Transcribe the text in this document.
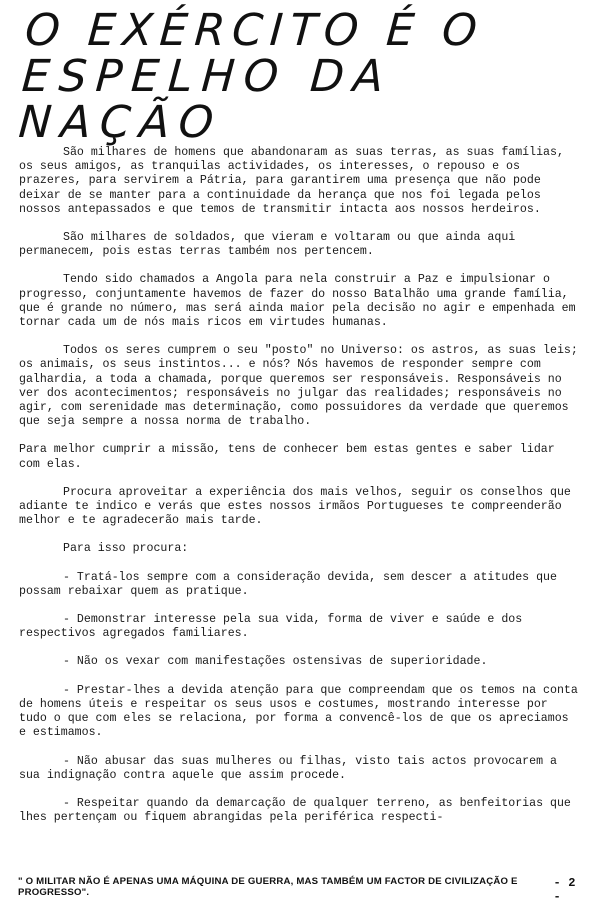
O EXÉRCITO É O
ESPELHO DA NAÇÃO

São milhares de homens que abandonaram as suas terras, as suas famílias, os seus amigos, as tranquilas actividades, os interesses, o repouso e os prazeres, para servirem a Pátria, para garantirem uma presença que não pode deixar de se manter para a continuidade da herança que nos foi legada pelos nossos antepassados e que temos de transmitir intacta aos nossos herdeiros.

São milhares de soldados, que vieram e voltaram ou que ainda aqui permanecem, pois estas terras também nos pertencem.

Tendo sido chamados a Angola para nela construir a Paz e impulsionar o progresso, conjuntamente havemos de fazer do nosso Batalhão uma grande família, que é grande no número, mas será ainda maior pela decisão no agir e empenhada em tornar cada um de nós mais ricos em virtudes humanas.

Todos os seres cumprem o seu "posto" no Universo: os astros, as suas leis; os animais, os seus instintos... e nós? Nós havemos de responder sempre com galhardia, a toda a chamada, porque queremos ser responsáveis. Responsáveis no ver dos acontecimentos; responsáveis no julgar das realidades; responsáveis no agir, com serenidade mas determinação, como possuidores da verdade que queremos que seja sempre a nossa norma de trabalho.

Para melhor cumprir a missão, tens de conhecer bem estas gentes e saber lidar com elas.

Procura aproveitar a experiência dos mais velhos, seguir os conselhos que adiante te indico e verás que estes nossos irmãos Portugueses te compreenderão melhor e te agradecerão mais tarde.

Para isso procura:

- Tratá-los sempre com a consideração devida, sem descer a atitudes que possam rebaixar quem as pratique.

- Demonstrar interesse pela sua vida, forma de viver e saúde e dos respectivos agregados familiares.

- Não os vexar com manifestações ostensivas de superioridade.

- Prestar-lhes a devida atenção para que compreendam que os temos na conta de homens úteis e respeitar os seus usos e costumes, mostrando interesse por tudo o que com eles se relaciona, por forma a convencê-los de que os apreciamos e estimamos.

- Não abusar das suas mulheres ou filhas, visto tais actos provocarem a sua indignação contra aquele que assim procede.

- Respeitar quando da demarcação de qualquer terreno, as benfeitorias que lhes pertençam ou fiquem abrangidas pela periférica respecti-

" O MILITAR NÃO É APENAS UMA MÁQUINA DE GUERRA, MAS TAMBÉM UM FACTOR DE CIVILIZAÇÃO E PROGRESSO".
- 2 -
